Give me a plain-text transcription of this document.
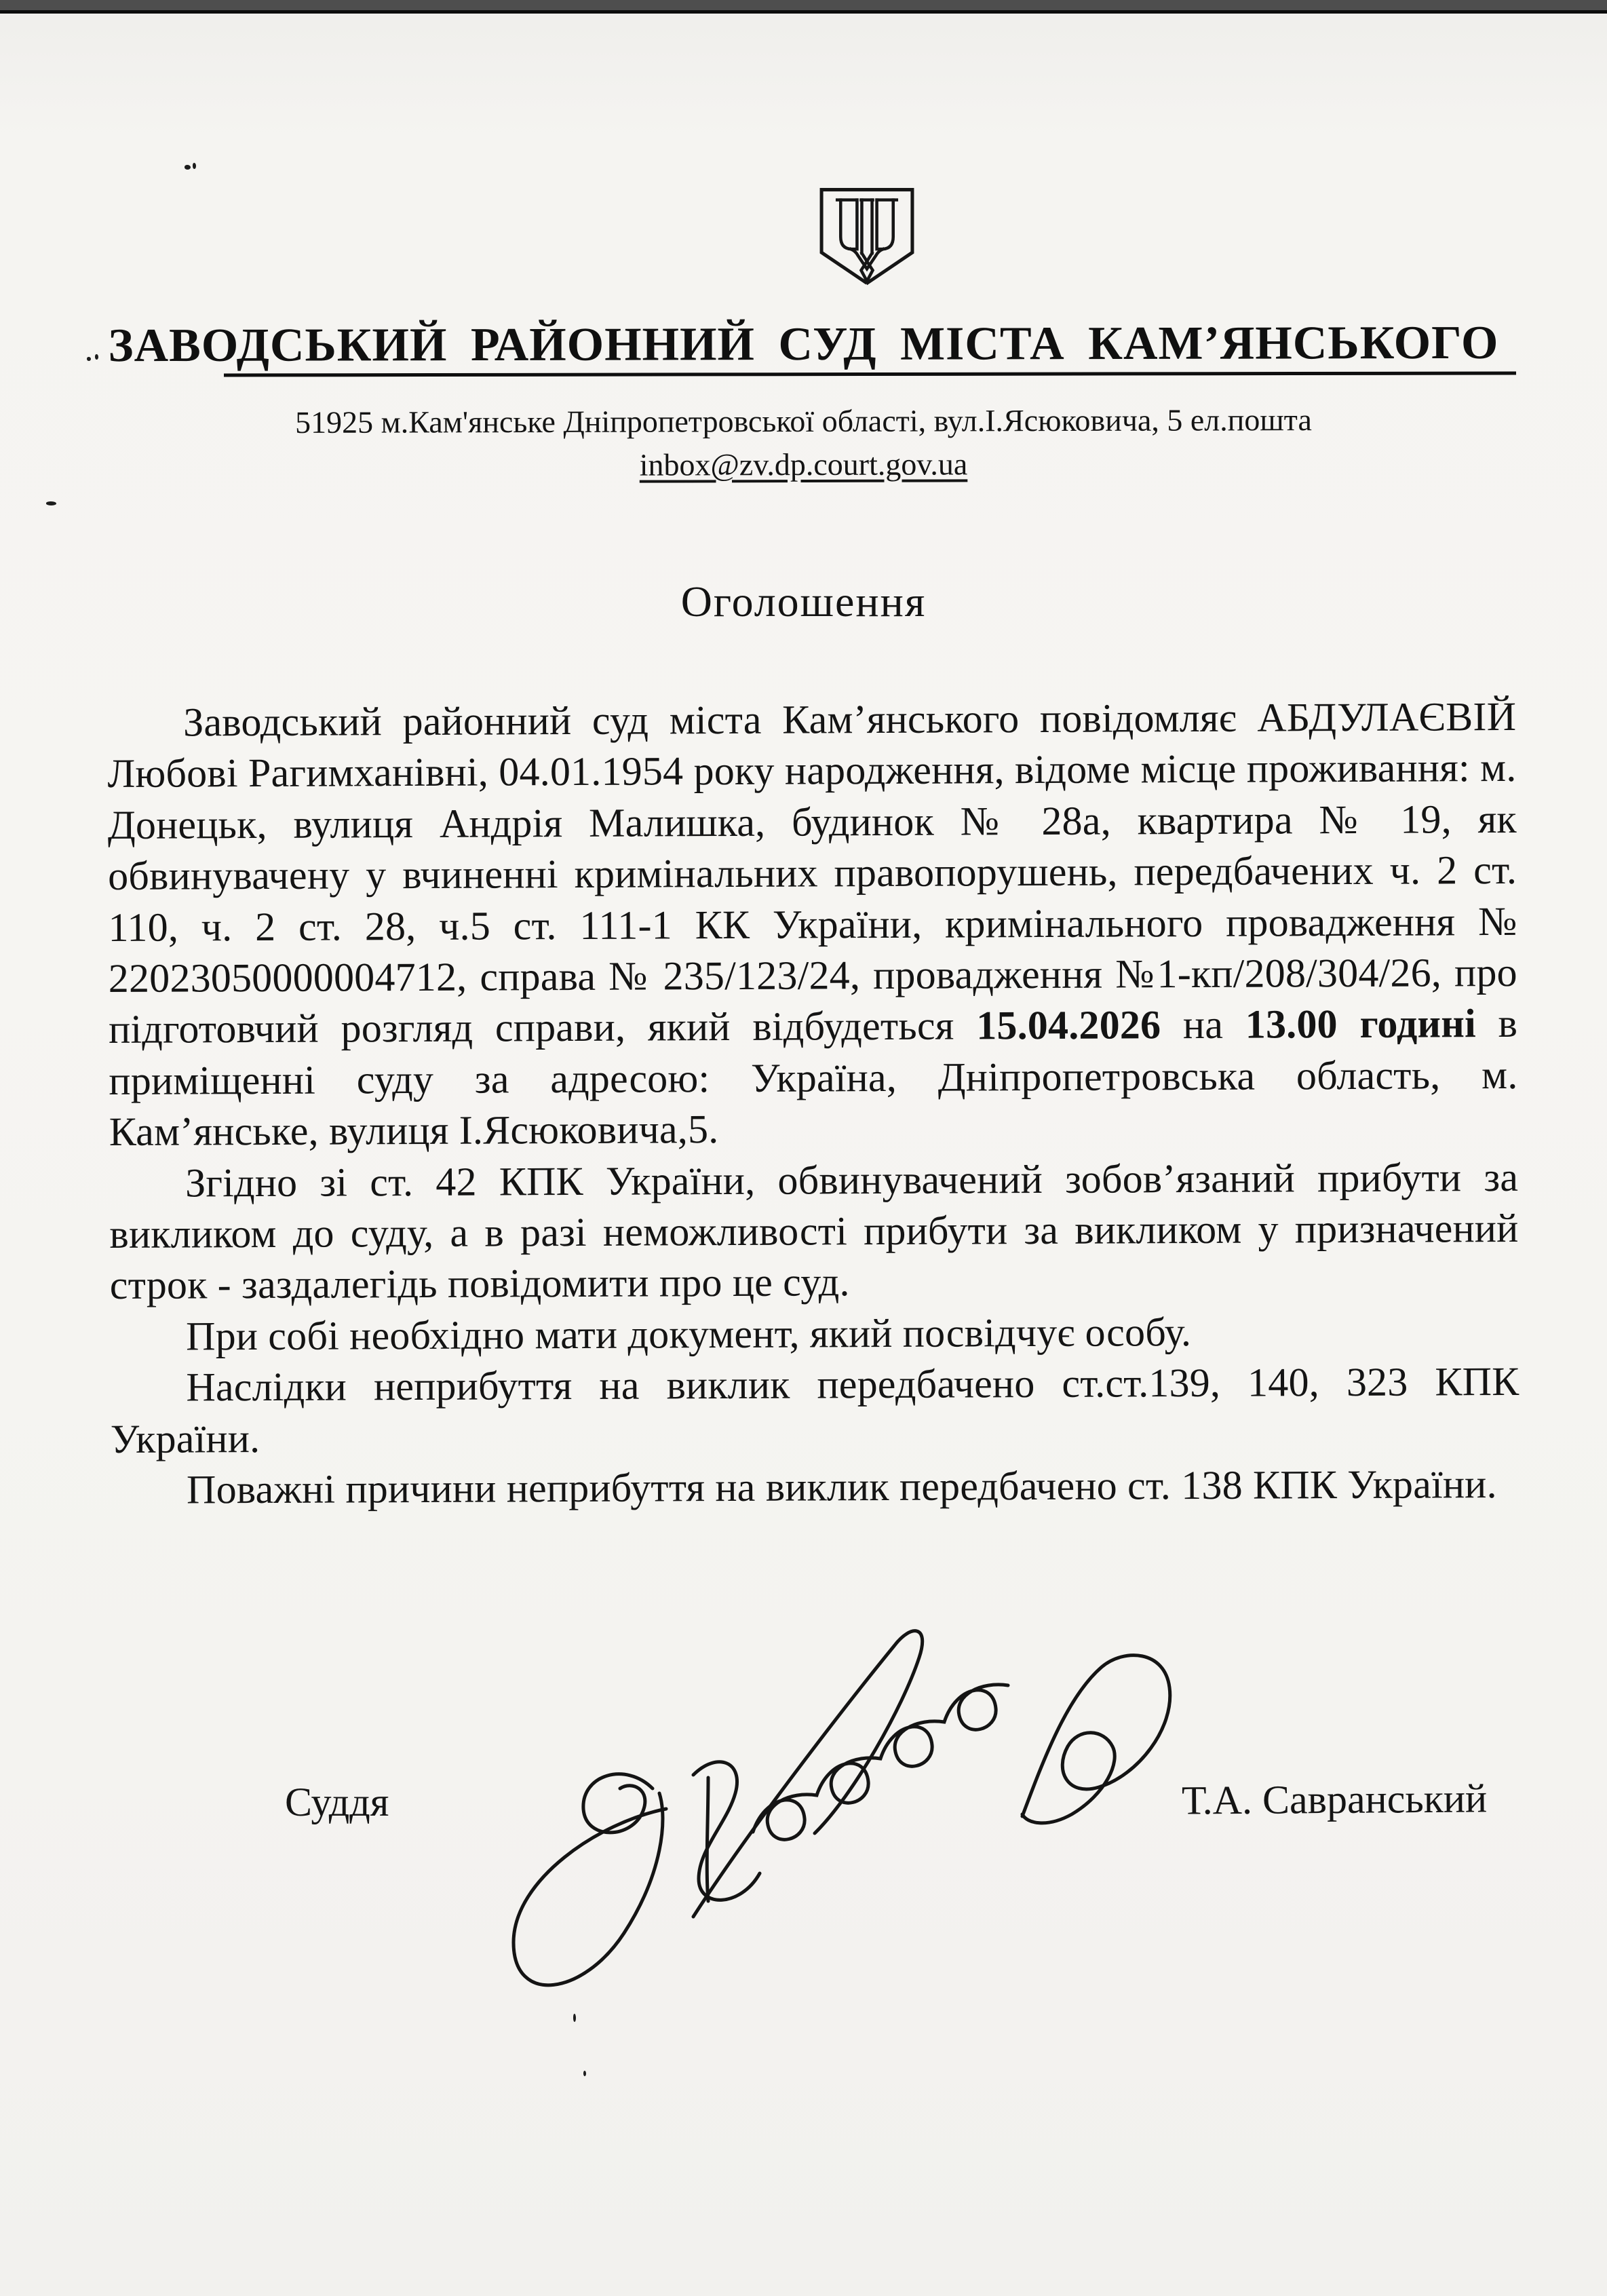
ЗАВОДСЬКИЙ РАЙОННИЙ СУД МІСТА КАМ’ЯНСЬКОГО
51925 м.Кам'янське Дніпропетровської області, вул.І.Ясюковича, 5 ел.пошта
inbox@zv.dp.court.gov.ua
Оголошення

Заводський районний суд міста Кам’янського повідомляє АБДУЛАЄВІЙ Любові Рагимханівні, 04.01.1954 року народження, відоме місце проживання: м. Донецьк, вулиця Андрія Малишка, будинок № 28а, квартира № 19, як обвинувачену у вчиненні кримінальних правопорушень, передбачених ч. 2 ст. 110, ч. 2 ст. 28, ч.5 ст. 111-1 КК України, кримінального провадження № 22023050000004712, справа № 235/123/24, провадження №1-кп/208/304/26, про підготовчий розгляд справи, який відбудеться 15.04.2026 на 13.00 годині в приміщенні суду за адресою: Україна, Дніпропетровська область, м. Кам’янське, вулиця І.Ясюковича,5.

Згідно зі ст. 42 КПК України, обвинувачений зобов’язаний прибути за викликом до суду, а в разі неможливості прибути за викликом у призначений строк - заздалегідь повідомити про це суд.

При собі необхідно мати документ, який посвідчує особу.

Наслідки неприбуття на виклик передбачено ст.ст.139, 140, 323 КПК України.

Поважні причини неприбуття на виклик передбачено ст. 138 КПК України.

Суддя	Т.А. Савранський
